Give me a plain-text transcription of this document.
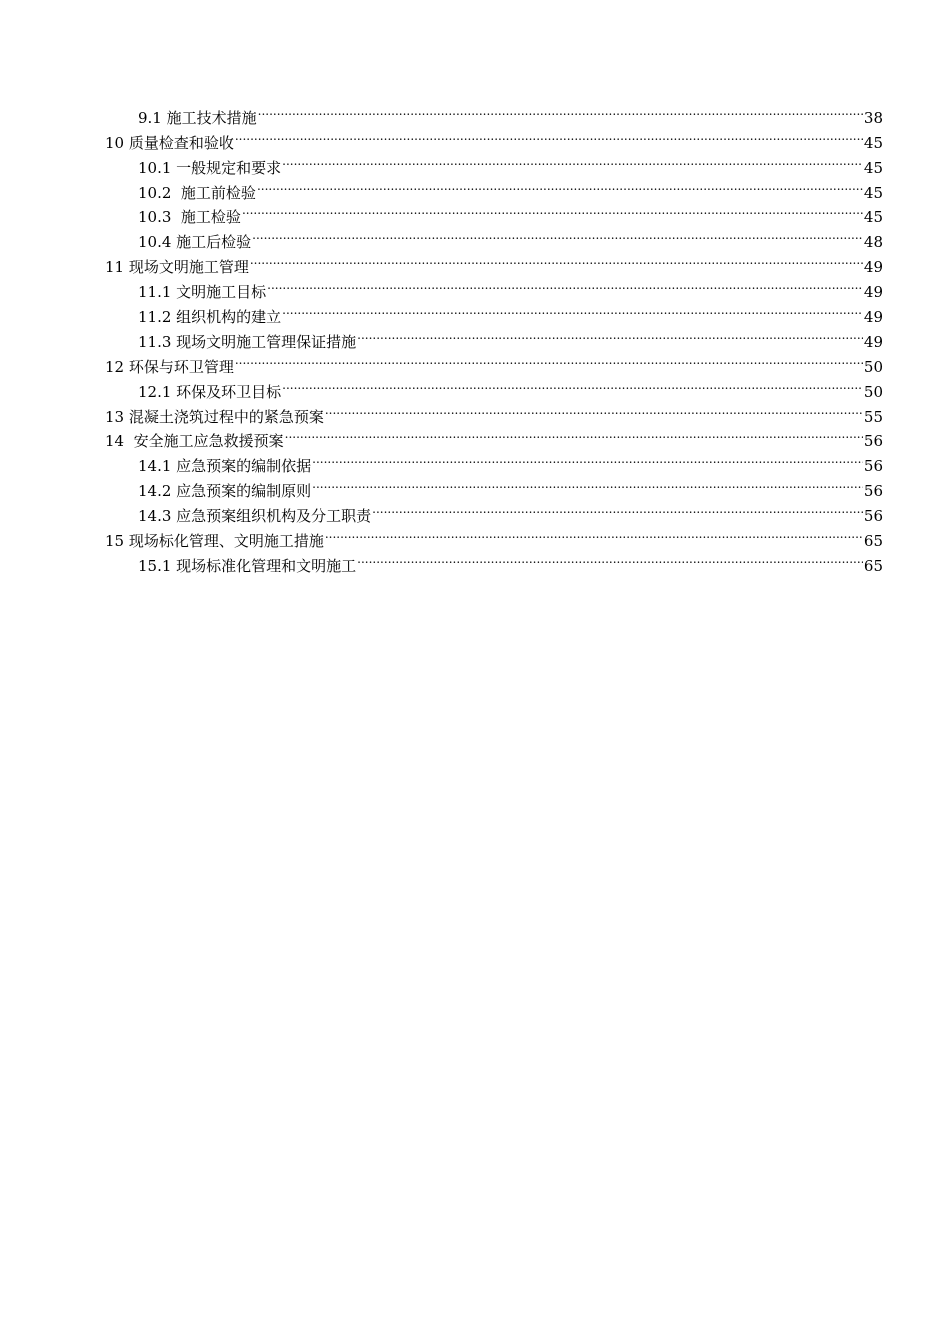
9.1 施工技术措施 .....	38
10 质量检查和验收 .....	45
10.1 一般规定和要求 .....	45
10.2  施工前检验 .....	45
10.3  施工检验 .....	45
10.4 施工后检验 .....	48
11 现场文明施工管理 .....	49
11.1 文明施工目标 .....	49
11.2 组织机构的建立 .....	49
11.3 现场文明施工管理保证措施 .....	49
12 环保与环卫管理 .....	50
12.1 环保及环卫目标 .....	50
13 混凝土浇筑过程中的紧急预案 .....	55
14  安全施工应急救援预案 .....	56
14.1 应急预案的编制依据 .....	56
14.2 应急预案的编制原则 .....	56
14.3 应急预案组织机构及分工职责 .....	56
15 现场标化管理、文明施工措施 .....	65
15.1 现场标准化管理和文明施工 .....	65
